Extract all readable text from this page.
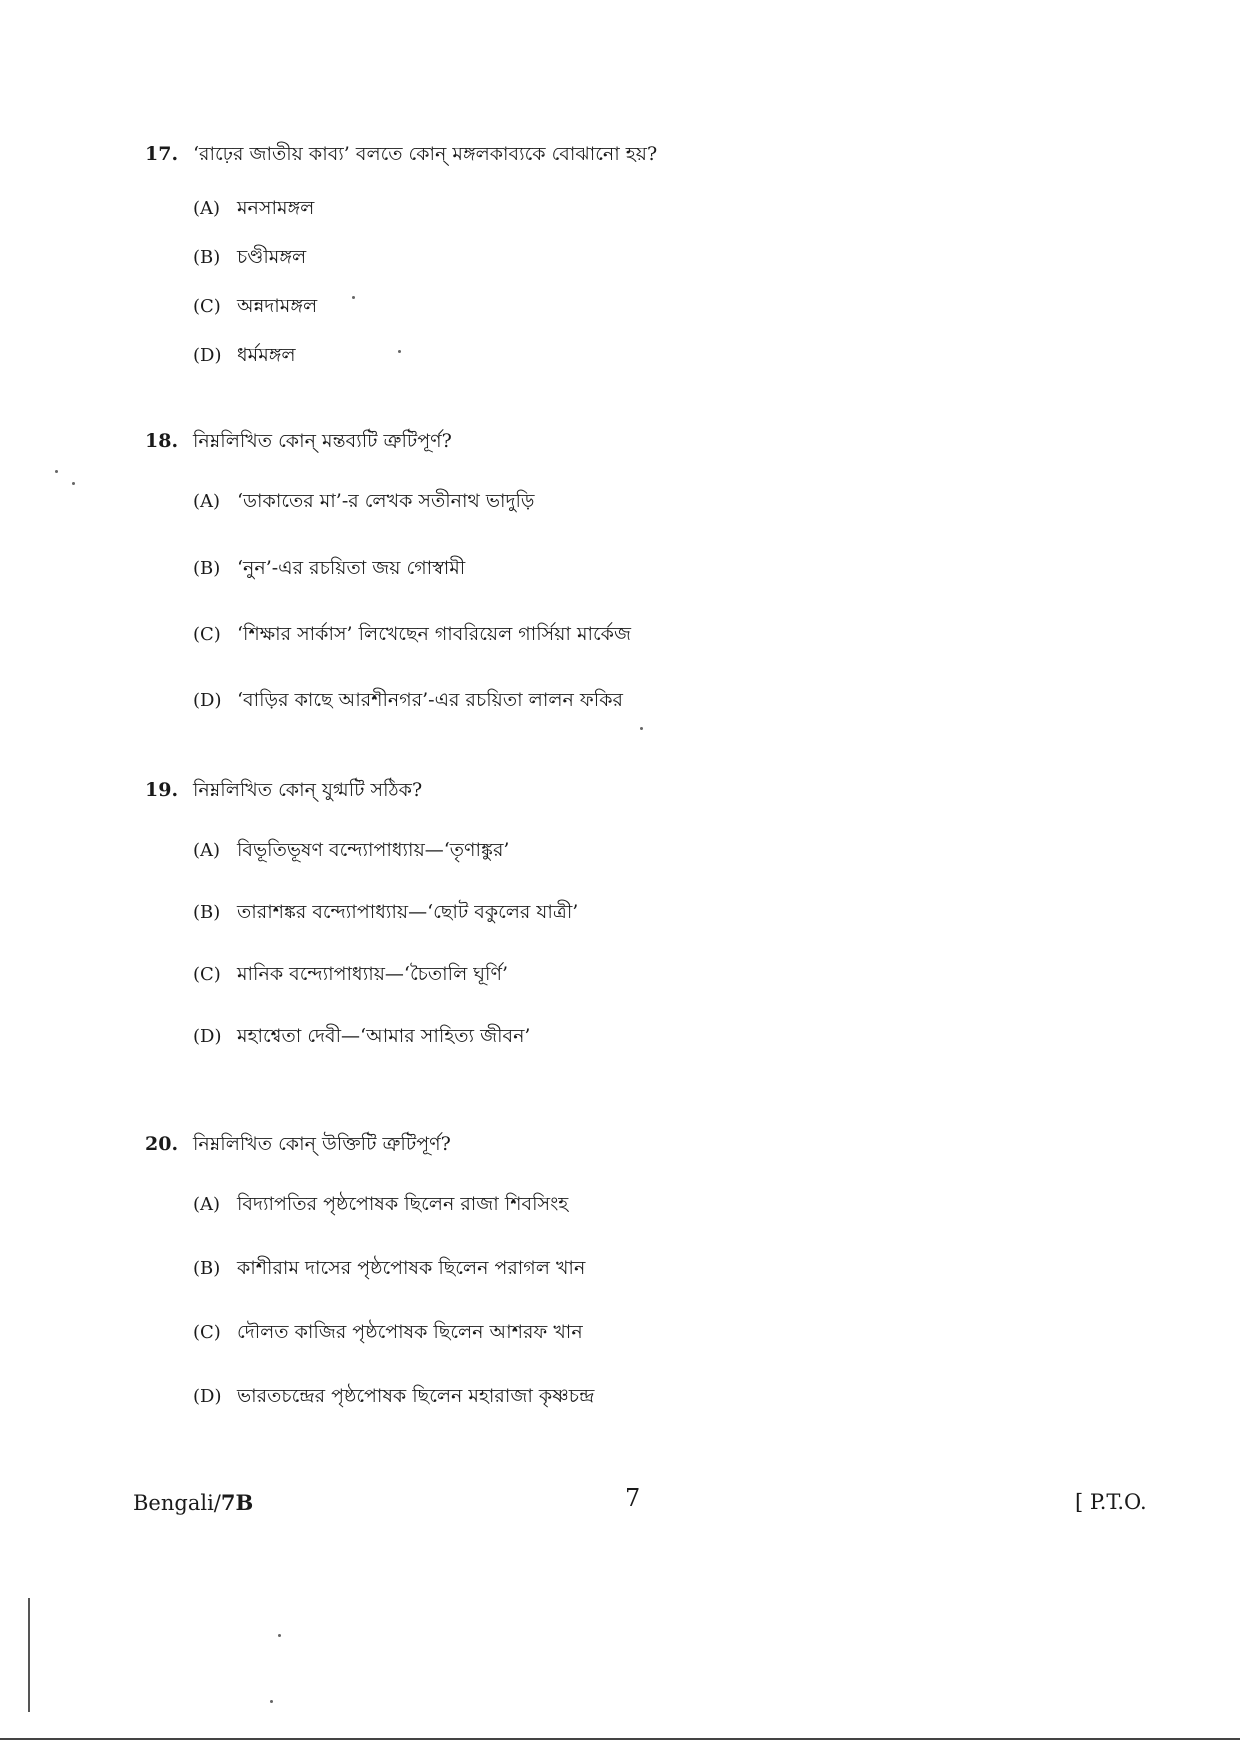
17. ‘রাঢ়ের জাতীয় কাব্য’ বলতে কোন্ মঙ্গলকাব্যকে বোঝানো হয়?
(A) মনসামঙ্গল
(B) চণ্ডীমঙ্গল
(C) অন্নদামঙ্গল
(D) ধর্মমঙ্গল
18. নিম্নলিখিত কোন্ মন্তব্যটি ত্রুটিপূর্ণ?
(A) ‘ডাকাতের মা’-র লেখক সতীনাথ ভাদুড়ি
(B) ‘নুন’-এর রচয়িতা জয় গোস্বামী
(C) ‘শিক্ষার সার্কাস’ লিখেছেন গাবরিয়েল গার্সিয়া মার্কেজ
(D) ‘বাড়ির কাছে আরশীনগর’-এর রচয়িতা লালন ফকির
19. নিম্নলিখিত কোন্ যুগ্মটি সঠিক?
(A) বিভূতিভূষণ বন্দ্যোপাধ্যায়—‘তৃণাঙ্কুর’
(B) তারাশঙ্কর বন্দ্যোপাধ্যায়—‘ছোট বকুলের যাত্রী’
(C) মানিক বন্দ্যোপাধ্যায়—‘চৈতালি ঘূর্ণি’
(D) মহাশ্বেতা দেবী—‘আমার সাহিত্য জীবন’
20. নিম্নলিখিত কোন্ উক্তিটি ত্রুটিপূর্ণ?
(A) বিদ্যাপতির পৃষ্ঠপোষক ছিলেন রাজা শিবসিংহ
(B) কাশীরাম দাসের পৃষ্ঠপোষক ছিলেন পরাগল খান
(C) দৌলত কাজির পৃষ্ঠপোষক ছিলেন আশরফ খান
(D) ভারতচন্দ্রের পৃষ্ঠপোষক ছিলেন মহারাজা কৃষ্ণচন্দ্র
Bengali/7B	7	[ P.T.O.
